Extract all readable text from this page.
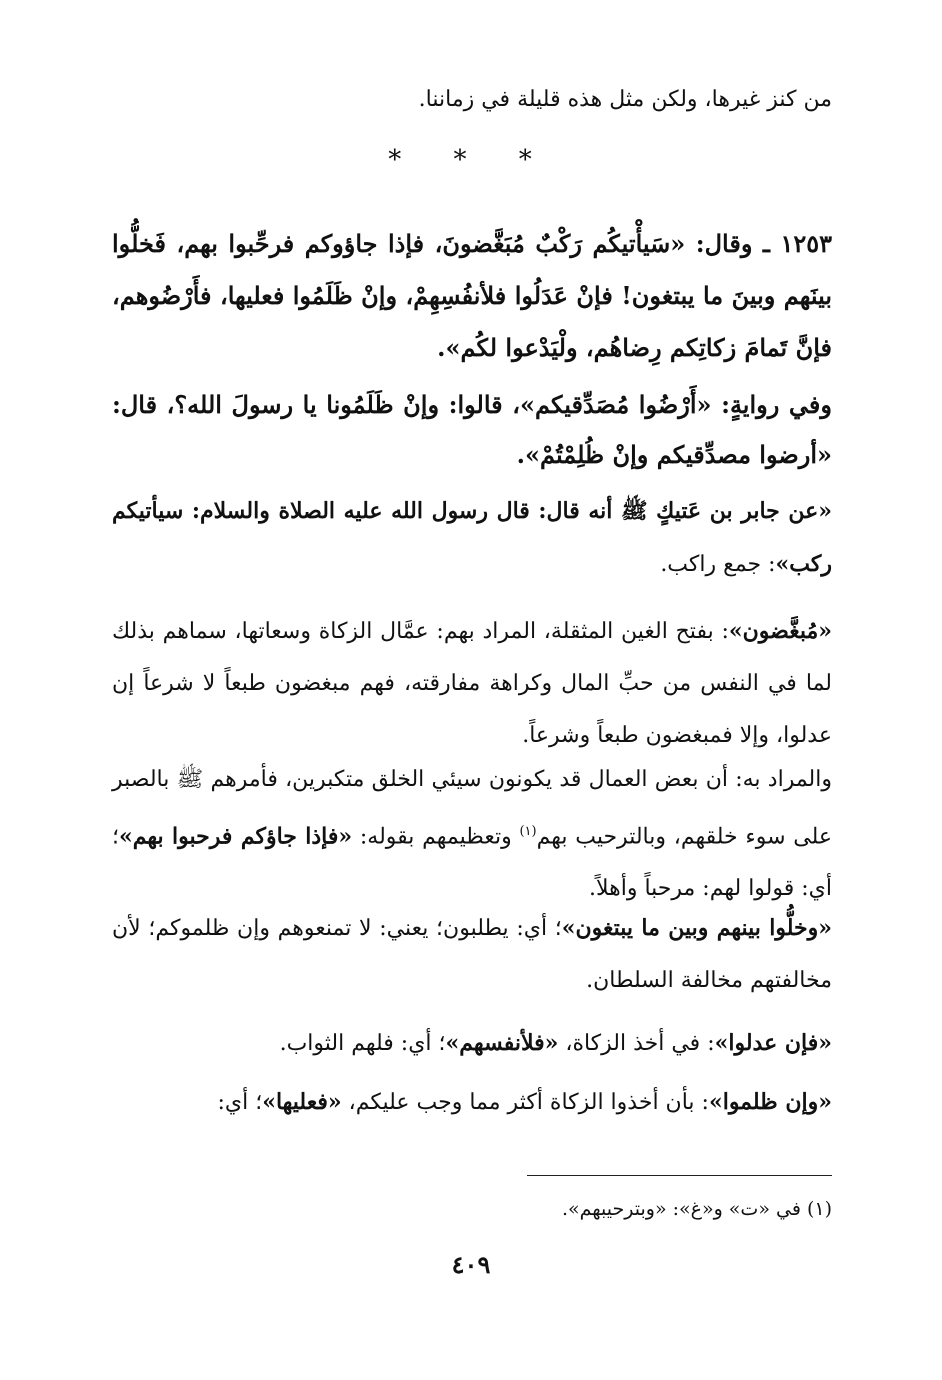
من كنز غيرها، ولكن مثل هذه قليلة في زماننا.
* * *
١٢٥٣ ـ وقال: «سَيأْتيكُم رَكْبٌ مُبَغَّضونَ، فإذا جاؤوكم فرحِّبوا بهم، فَخلُّوا بينَهم وبينَ ما يبتغون! فإنْ عَدَلُوا فلأنفُسِهِمْ، وإنْ ظَلَمُوا فعليها، فأَرْضُوهم، فإنَّ تَمامَ زكاتِكم رِضاهُم، ولْيَدْعوا لكُم».
وفي روايةٍ: «أَرْضُوا مُصَدِّقيكم»، قالوا: وإنْ ظَلَمُونا يا رسولَ الله؟، قال: «أرضوا مصدِّقيكم وإنْ ظُلِمْتُمْ».
«عن جابر بن عَتيكٍ ﷺ أنه قال: قال رسول الله عليه الصلاة والسلام: سيأتيكم ركب»: جمع راكب.
«مُبغَّضون»: بفتح الغين المثقلة، المراد بهم: عمَّال الزكاة وسعاتها، سماهم بذلك لما في النفس من حبِّ المال وكراهة مفارقته، فهم مبغضون طبعاً لا شرعاً إن عدلوا، وإلا فمبغضون طبعاً وشرعاً.
والمراد به: أن بعض العمال قد يكونون سيئي الخلق متكبرين، فأمرهم ﷺ بالصبر على سوء خلقهم، وبالترحيب بهم$^{(١)}$ وتعظيمهم بقوله: «فإذا جاؤكم فرحبوا بهم»؛ أي: قولوا لهم: مرحباً وأهلاً.
«وخلُّوا بينهم وبين ما يبتغون»؛ أي: يطلبون؛ يعني: لا تمنعوهم وإن ظلموكم؛ لأن مخالفتهم مخالفة السلطان.
«فإن عدلوا»: في أخذ الزكاة، «فلأنفسهم»؛ أي: فلهم الثواب.
«وإن ظلموا»: بأن أخذوا الزكاة أكثر مما وجب عليكم، «فعليها»؛ أي:
(١) في «ت» و«غ»: «وبترحيبهم».
٤٠٩
